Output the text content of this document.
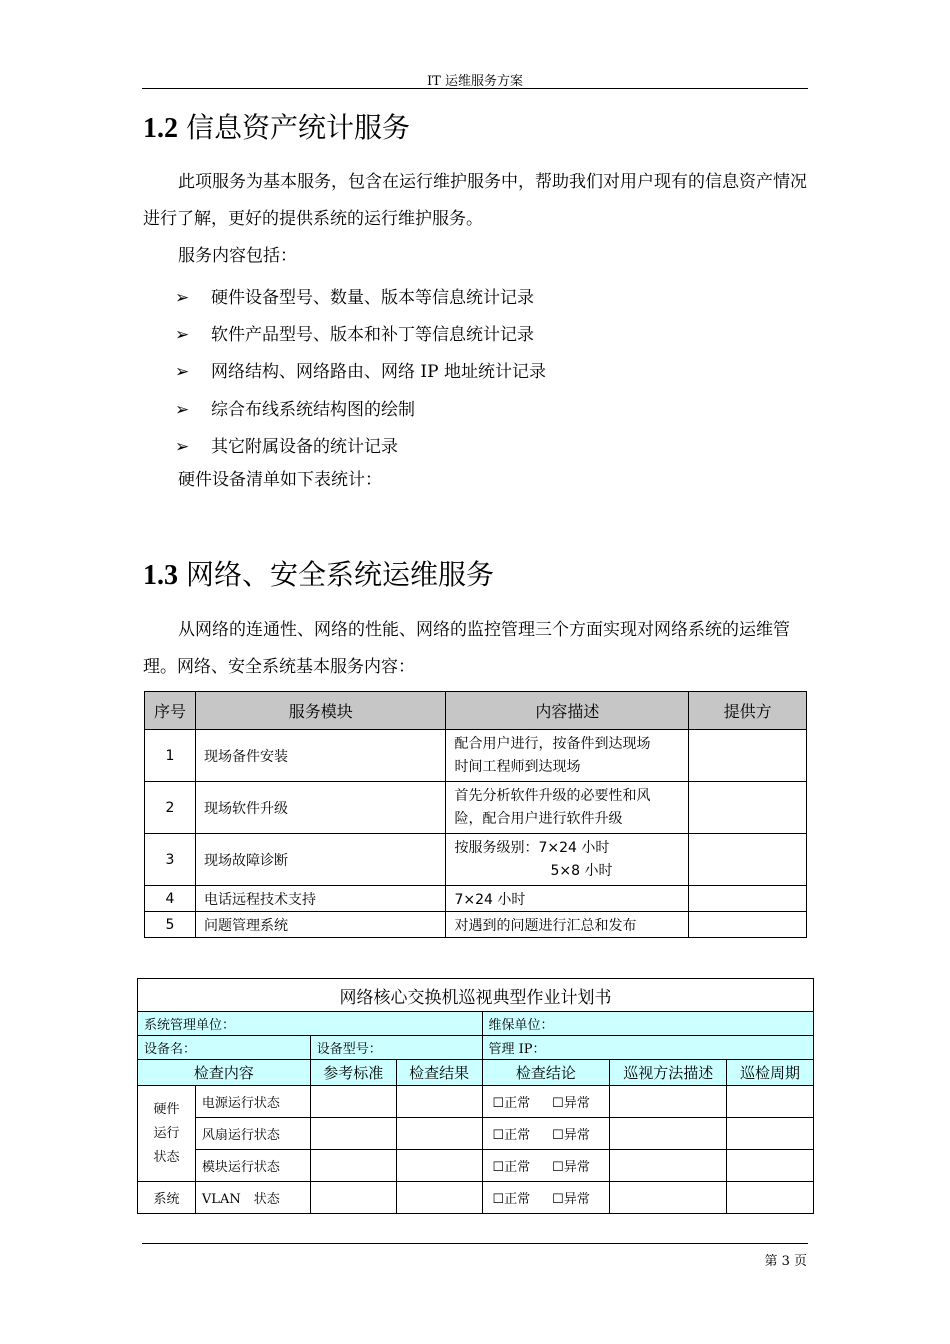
IT 运维服务方案
1.2 信息资产统计服务
此项服务为基本服务，包含在运行维护服务中，帮助我们对用户现有的信息资产情况进行了解，更好的提供系统的运行维护服务。
服务内容包括：
➢ 硬件设备型号、数量、版本等信息统计记录
➢ 软件产品型号、版本和补丁等信息统计记录
➢ 网络结构、网络路由、网络 IP 地址统计记录
➢ 综合布线系统结构图的绘制
➢ 其它附属设备的统计记录
硬件设备清单如下表统计：
1.3 网络、安全系统运维服务
从网络的连通性、网络的性能、网络的监控管理三个方面实现对网络系统的运维管理。网络、安全系统基本服务内容：
序号	服务模块	内容描述	提供方
1	现场备件安装	配合用户进行，按备件到达现场
时间工程师到达现场	
2	现场软件升级	首先分析软件升级的必要性和风
险，配合用户进行软件升级	
3	现场故障诊断	按服务级别：7×24 小时
5×8 小时	
4	电话远程技术支持	7×24 小时	
5	问题管理系统	对遇到的问题进行汇总和发布	
网络核心交换机巡视典型作业计划书						
系统管理单位：				维保单位：		
设备名：		设备型号：		管理 IP：		
检查内容		参考标准	检查结果	检查结论	巡视方法描述	巡检周期
硬件
运行
状态	电源运行状态			☐正常 ☐异常		
	风扇运行状态			☐正常 ☐异常		
	模块运行状态			☐正常 ☐异常		
系统	VLAN　状态			☐正常 ☐异常		
第 3 页
